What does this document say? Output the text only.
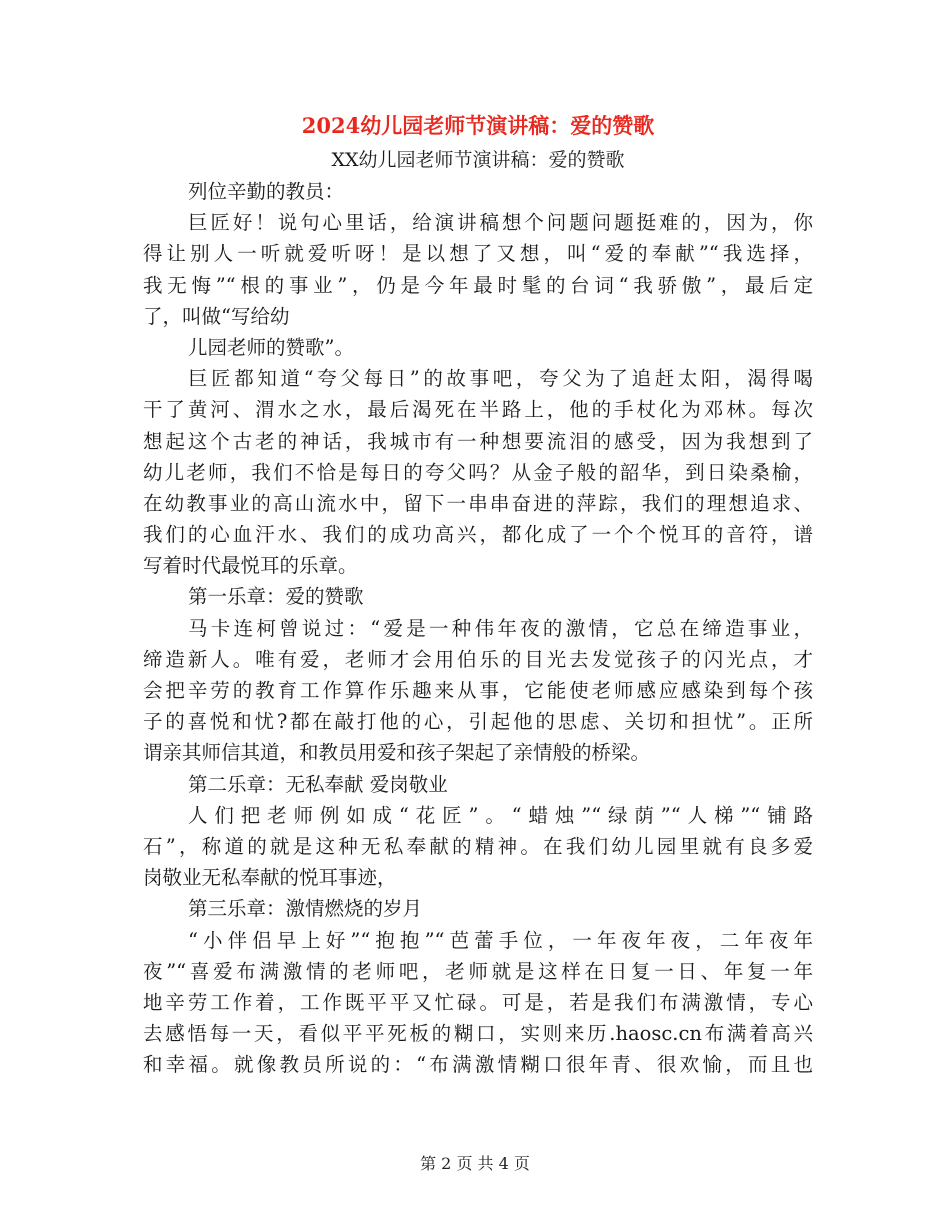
2024幼儿园老师节演讲稿：爱的赞歌
XX幼儿园老师节演讲稿：爱的赞歌

列位辛勤的教员：

巨匠好！说句心里话，给演讲稿想个问题问题挺难的，因为，你

得让别人一听就爱听呀！是以想了又想，叫“爱的奉献”“我选择，

我无悔”“根的事业”，仍是今年最时髦的台词“我骄傲”，最后定

了，叫做“写给幼

儿园老师的赞歌”。

巨匠都知道“夸父每日”的故事吧，夸父为了追赶太阳，渴得喝

干了黄河、渭水之水，最后渴死在半路上，他的手杖化为邓林。每次

想起这个古老的神话，我城市有一种想要流泪的感受，因为我想到了

幼儿老师，我们不恰是每日的夸父吗？从金子般的韶华，到日染桑榆，

在幼教事业的高山流水中，留下一串串奋进的萍踪，我们的理想追求、

我们的心血汗水、我们的成功高兴，都化成了一个个悦耳的音符，谱

写着时代最悦耳的乐章。

第一乐章：爱的赞歌

马卡连柯曾说过：“爱是一种伟年夜的激情，它总在缔造事业，

缔造新人。唯有爱，老师才会用伯乐的目光去发觉孩子的闪光点，才

会把辛劳的教育工作算作乐趣来从事，它能使老师感应感染到每个孩

子的喜悦和忧?都在敲打他的心，引起他的思虑、关切和担忧”。正所

谓亲其师信其道，和教员用爱和孩子架起了亲情般的桥梁。

第二乐章：无私奉献 爱岗敬业

人们把老师例如成“花匠”。“蜡烛”“绿荫”“人梯”“铺路

石”，称道的就是这种无私奉献的精神。在我们幼儿园里就有良多爱

岗敬业无私奉献的悦耳事迹，

第三乐章：激情燃烧的岁月

“小伴侣早上好”“抱抱”“芭蕾手位，一年夜年夜，二年夜年

夜”“喜爱布满激情的老师吧，老师就是这样在日复一日、年复一年

地辛劳工作着，工作既平平又忙碌。可是，若是我们布满激情，专心

去感悟每一天，看似平平死板的糊口，实则来历.haosc.cn布满着高兴

和幸福。就像教员所说的：“布满激情糊口很年青、很欢愉，而且也

第 2 页 共 4 页
